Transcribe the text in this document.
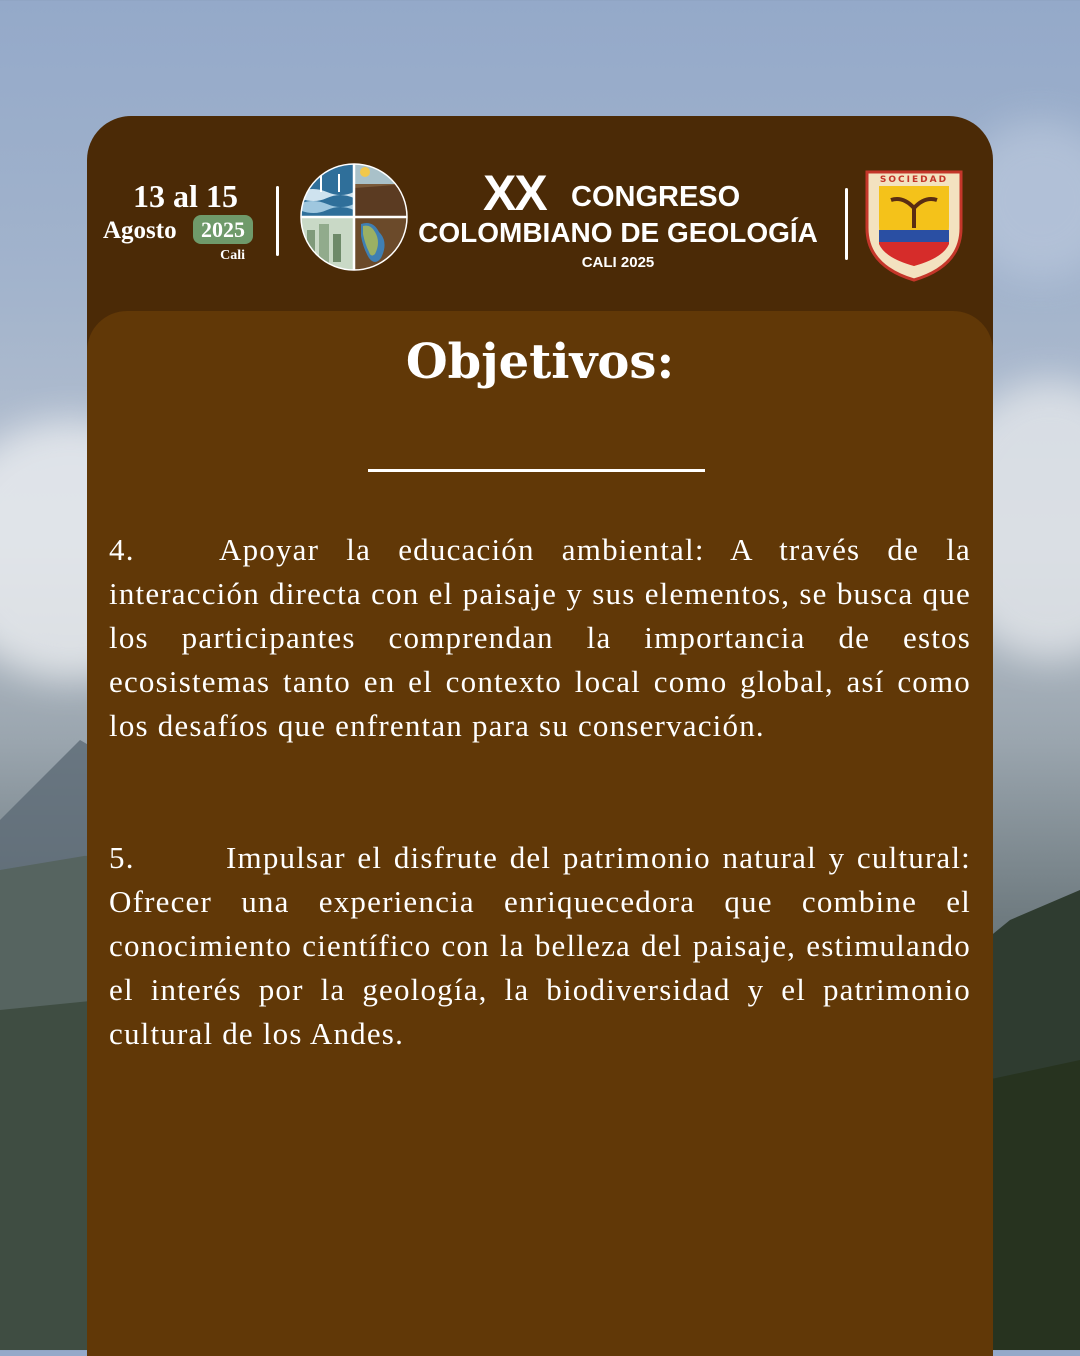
13 al 15
Agosto	2025
Cali
XX CONGRESO
COLOMBIANO DE GEOLOGÍA
CALI 2025
SOCIEDAD
Objetivos:

4.	Apoyar la educación ambiental: A través de la interacción directa con el paisaje y sus elementos, se busca que los participantes comprendan la importancia de estos ecosistemas tanto en el contexto local como global, así como los desafíos que enfrentan para su conservación.

5.	Impulsar el disfrute del patrimonio natural y cultural: Ofrecer una experiencia enriquecedora que combine el conocimiento científico con la belleza del paisaje, estimulando el interés por la geología, la biodiversidad y el patrimonio cultural de los Andes.
